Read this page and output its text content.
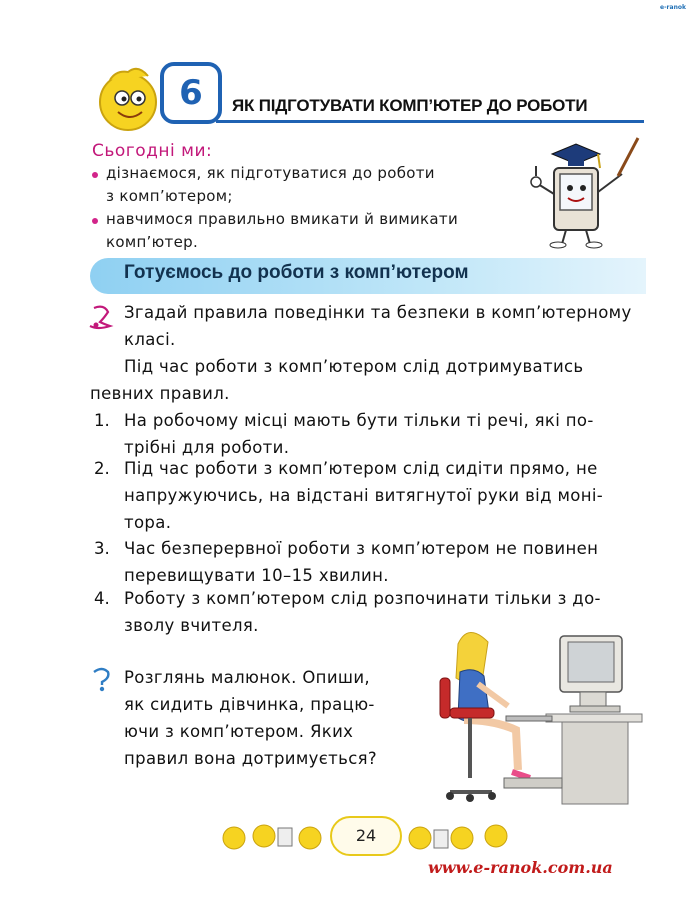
e-ranok
6	ЯК ПІДГОТУВАТИ КОМП’ЮТЕР ДО РОБОТИ
Сьогодні ми:
дізнаємося, як підготуватися до роботи
з комп’ютером;
навчимося правильно вмикати й вимикати
комп’ютер.
Готуємось до роботи з комп’ютером
Згадай правила поведінки та безпеки в комп’ютерному
класі.
Під час роботи з комп’ютером слід дотримуватись
певних правил.
1. На робочому місці мають бути тільки ті речі, які по-
трібні для роботи.
2. Під час роботи з комп’ютером слід сидіти прямо, не
напружуючись, на відстані витягнутої руки від моні-
тора.
3. Час безперервної роботи з комп’ютером не повинен
перевищувати 10–15 хвилин.
4. Роботу з комп’ютером слід розпочинати тільки з до-
зволу вчителя.
Розглянь малюнок. Опиши,
як сидить дівчинка, працю-
ючи з комп’ютером. Яких
правил вона дотримується?
24
www.e-ranok.com.ua
